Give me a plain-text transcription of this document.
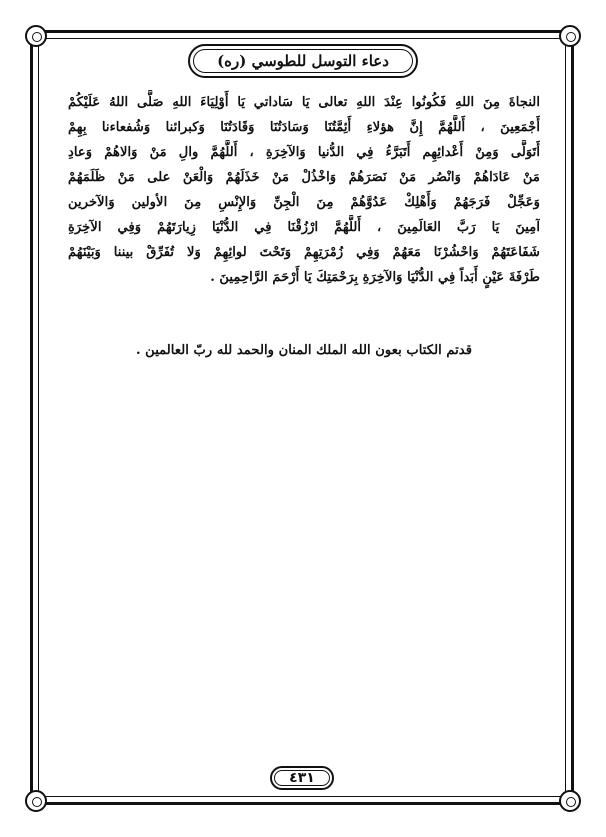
دعاء التوسل للطوسي (ره)
النجاةَ مِنَ اللهِ فَكُونُوا عِنْدَ اللهِ تعالى يَا سَاداتي يَا أَوْلِيَاءَ اللهِ صَلَّى اللهُ عَلَيْكُمْ
أَجْمَعِينَ ، أَللَّهُمَّ إِنَّ هؤلاءِ أَئِمَّتُنَا وَسَادَتُنَا وَقَادَتُنَا وَكبرائنا وَشُفعاءنا بِهِمْ
أَتَوَلَّى وَمِنْ أَعْدائِهِم أَتَبَرَّءُ فِي الدُّنيا وَالآخِرَةِ ، أَللَّهُمَّ والِ مَنْ وَالاهُمْ وَعادِ
مَنْ عَادَاهُمْ وَانْصُر مَنْ نَصَرَهُمْ وَاخْذُلْ مَنْ خَذَلَهُمْ وَالْعَنْ على مَنْ ظَلَمَهُمْ
وَعَجِّلْ فَرَجَهُمْ وَأَهْلِكْ عَدُوَّهُمْ مِنَ الْجِنِّ وَالإِنْسِ مِنَ الأولين وَالآخرين
آمِينَ يَا رَبَّ العَالَمِينَ ، أَللَّهُمَّ ارْزُقْنَا فِي الدُّنْيَا زِيارَتَهُمْ وَفِي الآخِرَةِ
شَفَاعَتَهُمْ وَاحْشُرْنَا مَعَهُمْ وَفِي زُمْرَتِهِمْ وَتَحْتَ لوائِهِمْ وَلا تُفَرِّقْ بيننا وَبَيْنَهُمْ
طَرْفَةَ عَيْنٍ أَبَداً فِي الدُّنْيَا وَالآخِرَةِ بِرَحْمَتِكَ يَا أَرْحَمَ الرَّاحِمِينَ .
قدتم الكتاب بعون الله الملك المنان والحمد لله ربّ العالمين .
٤٣١
